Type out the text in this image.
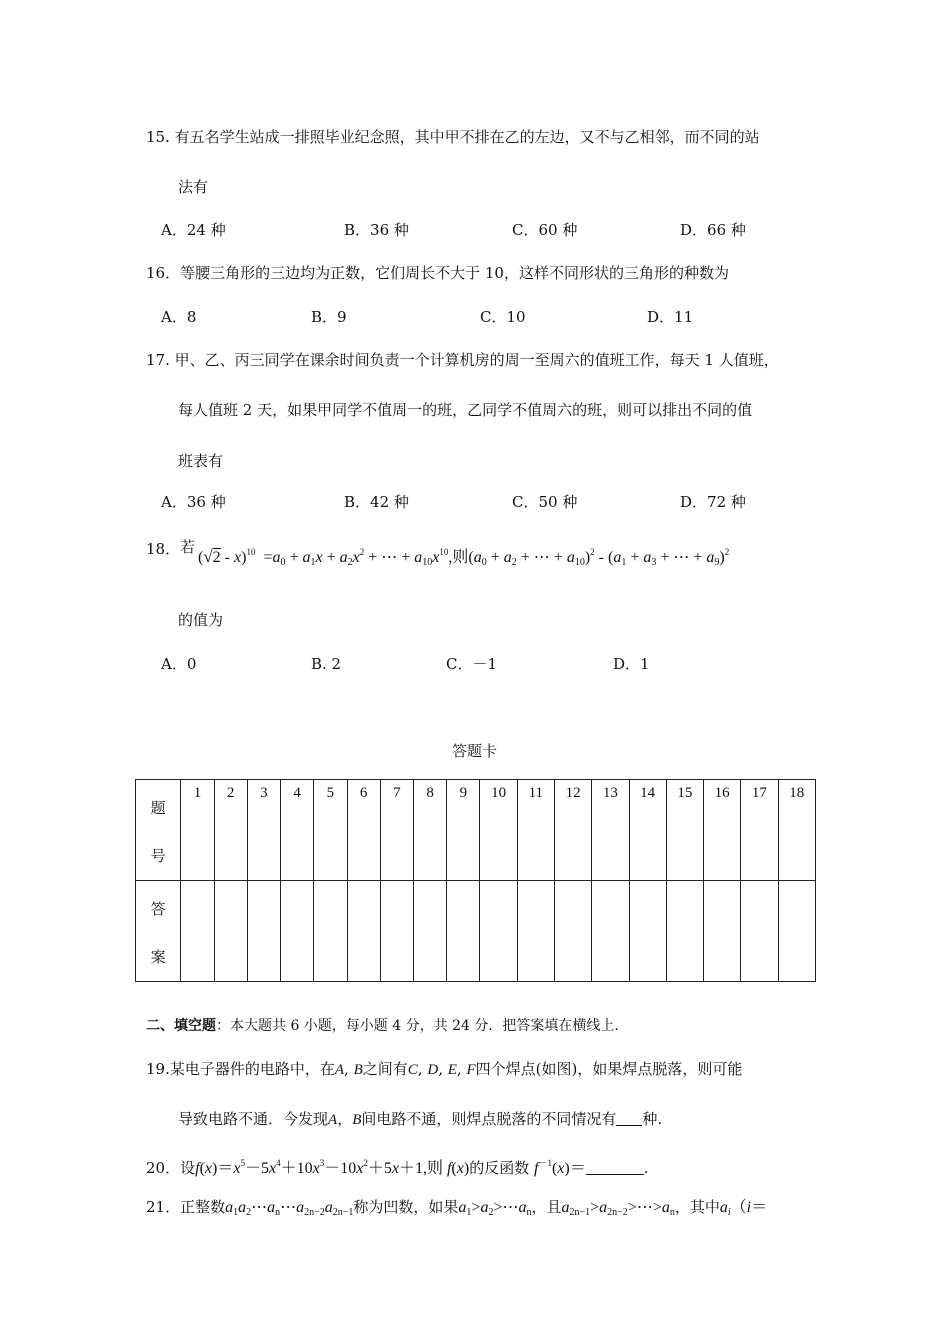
15. 有五名学生站成一排照毕业纪念照，其中甲不排在乙的左边，又不与乙相邻，而不同的站
法有
A．24 种	B．36 种	C．60 种	D．66 种
16．等腰三角形的三边均为正数，它们周长不大于 10，这样不同形状的三角形的种数为
A．8	B．9	C．10	D．11
17. 甲、乙、丙三同学在课余时间负责一个计算机房的周一至周六的值班工作，每天 1 人值班，
每人值班 2 天，如果甲同学不值周一的班，乙同学不值周六的班，则可以排出不同的值
班表有
A．36 种	B．42 种	C．50 种	D．72 种
18． 若
$(√2 - x)^{10} =a_0 + a_1x + a_2x^2$ + ⋯ + $a_{10}x^{10}$,则($a_0 + a_2$ + ⋯ + $a_{10})^2 - (a_1 + a_3$ + ⋯ + $a_9)^2$
的值为
A．0	B. 2	C．－1	D．1
答题卡
题
号	1	2	3	4	5	6	7	8	9	10	11	12	13	14	15	16	17	18

答
案																		

二、填空题：本大题共 6 小题，每小题 4 分，共 24 分．把答案填在横线上.
19.某电子器件的电路中，在A, B之间有C, D, E, F四个焊点(如图)，如果焊点脱落，则可能
导致电路不通．今发现A，B间电路不通，则焊点脱落的不同情况有 种.
20．设$f(x)=x^5-5x^4+10x^3-10x^2+5x+1$,则 f(x)的反函数 $f^{-1}(x)=$	.
21．正整数$a_1a_2\cdots a_n\cdots a_{2n-2}a_{2n-1}$称为凹数，如果$a_1>a_2>\cdots a_n$，且$a_{2n-1}>a_{2n-2}>\cdots>a_n$，其中$a_i(i=$
